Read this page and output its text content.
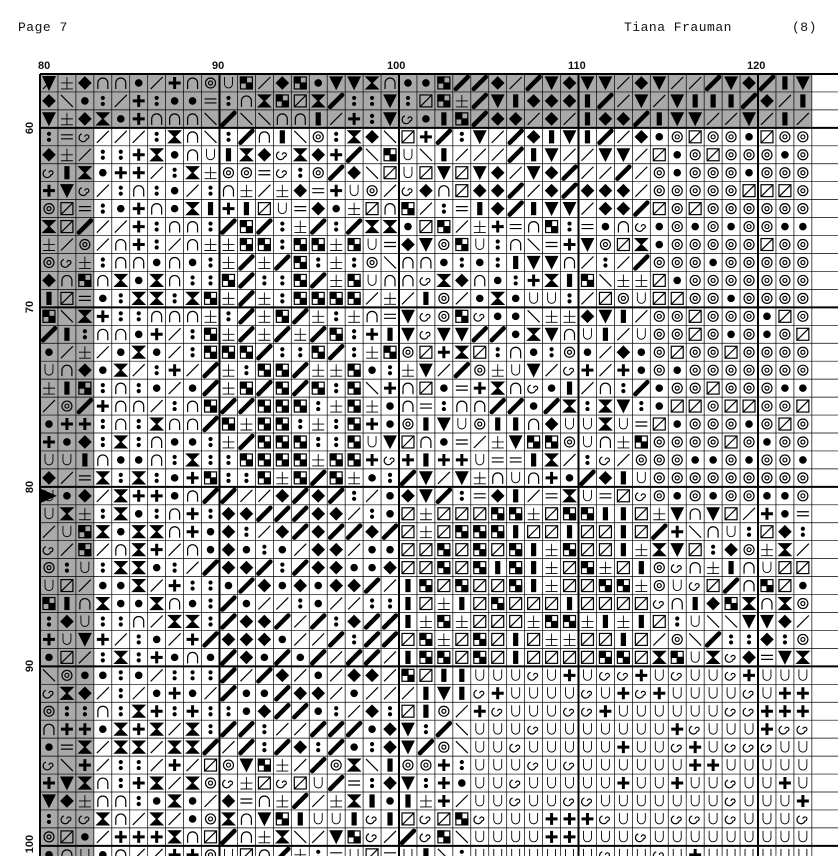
Page 7	Tiana Frauman	(8)
80	90	100	110	120
60
70
80
90
100
